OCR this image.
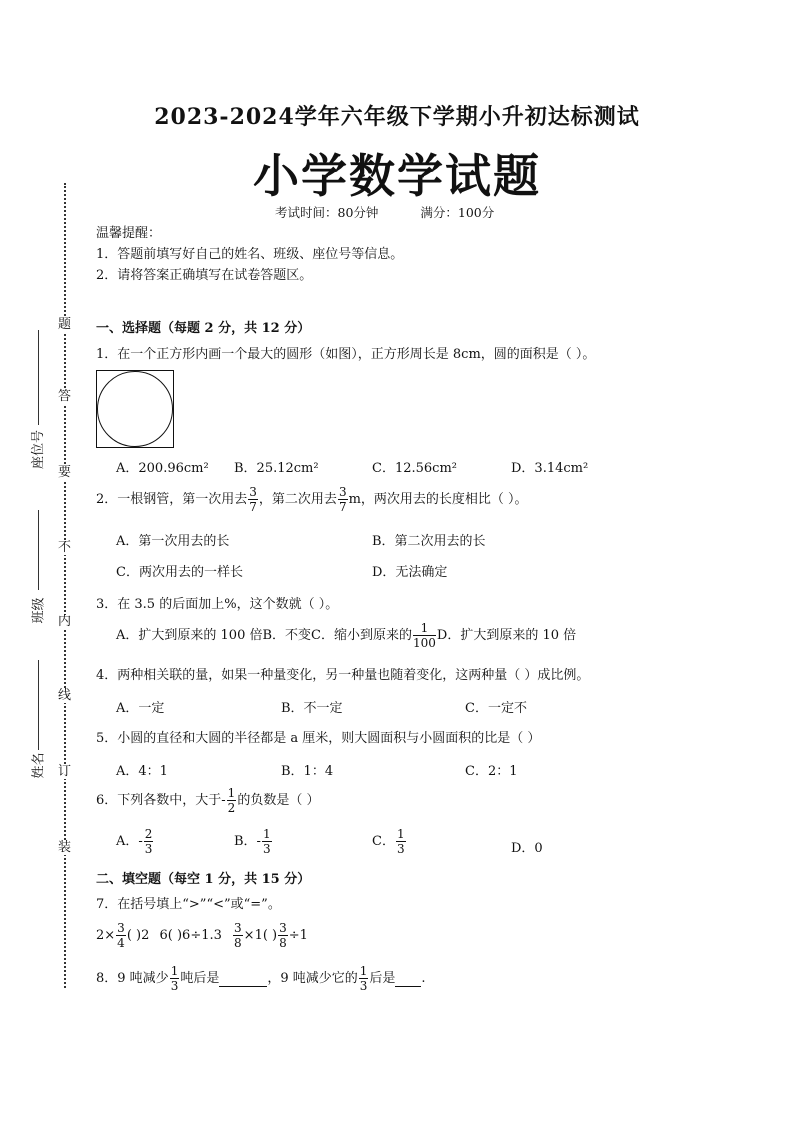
2023-2024学年六年级下学期小升初达标测试
小学数学试题
考试时间：80分钟	满分：100分
温馨提醒：
1．答题前填写好自己的姓名、班级、座位号等信息。
2．请将答案正确填写在试卷答题区。
题
答
要
不
内
线
订
装
座位号
班级
姓名
一、选择题（每题 2 分，共 12 分）
1．在一个正方形内画一个最大的圆形（如图），正方形周长是 8cm，圆的面积是（ ）。
A．200.96cm² B．25.12cm²	C．12.56cm²	D．3.14cm²
2．一根钢管，第一次用去 $\frac{3}{7}$ ，第二次用去 $\frac{3}{7}$ m，两次用去的长度相比（ ）。
A．第一次用去的长	B．第二次用去的长
C．两次用去的一样长	D．无法确定
3．在 3.5 的后面加上%，这个数就（ ）。
A．扩大到原来的 100 倍B．不变C．缩小到原来的 $\frac{1}{100}$ D．扩大到原来的 10 倍
4．两种相关联的量，如果一种量变化，另一种量也随着变化，这两种量（ ）成比例。
A．一定	B．不一定	C．一定不
5．小圆的直径和大圆的半径都是 a 厘米，则大圆面积与小圆面积的比是（ ）
A．4：1	B．1：4	C．2：1
6．下列各数中，大于- $\frac{1}{2}$ 的负数是（ ）
A．- $\frac{2}{3}$	B．- $\frac{1}{3}$	C． $\frac{1}{3}$	D．0
二、填空题（每空 1 分，共 15 分）
7．在括号填上“>”“<”或“=”。
$2\times \frac{3}{4}$ ( )2 6( )$6\div 1.3 \frac{3}{8} \times 1$( ) $\frac{3}{8} \div 1$
8．9 吨减少 $\frac{1}{3}$ 吨后是	，9 吨减少它的 $\frac{1}{3}$ 后是 .
